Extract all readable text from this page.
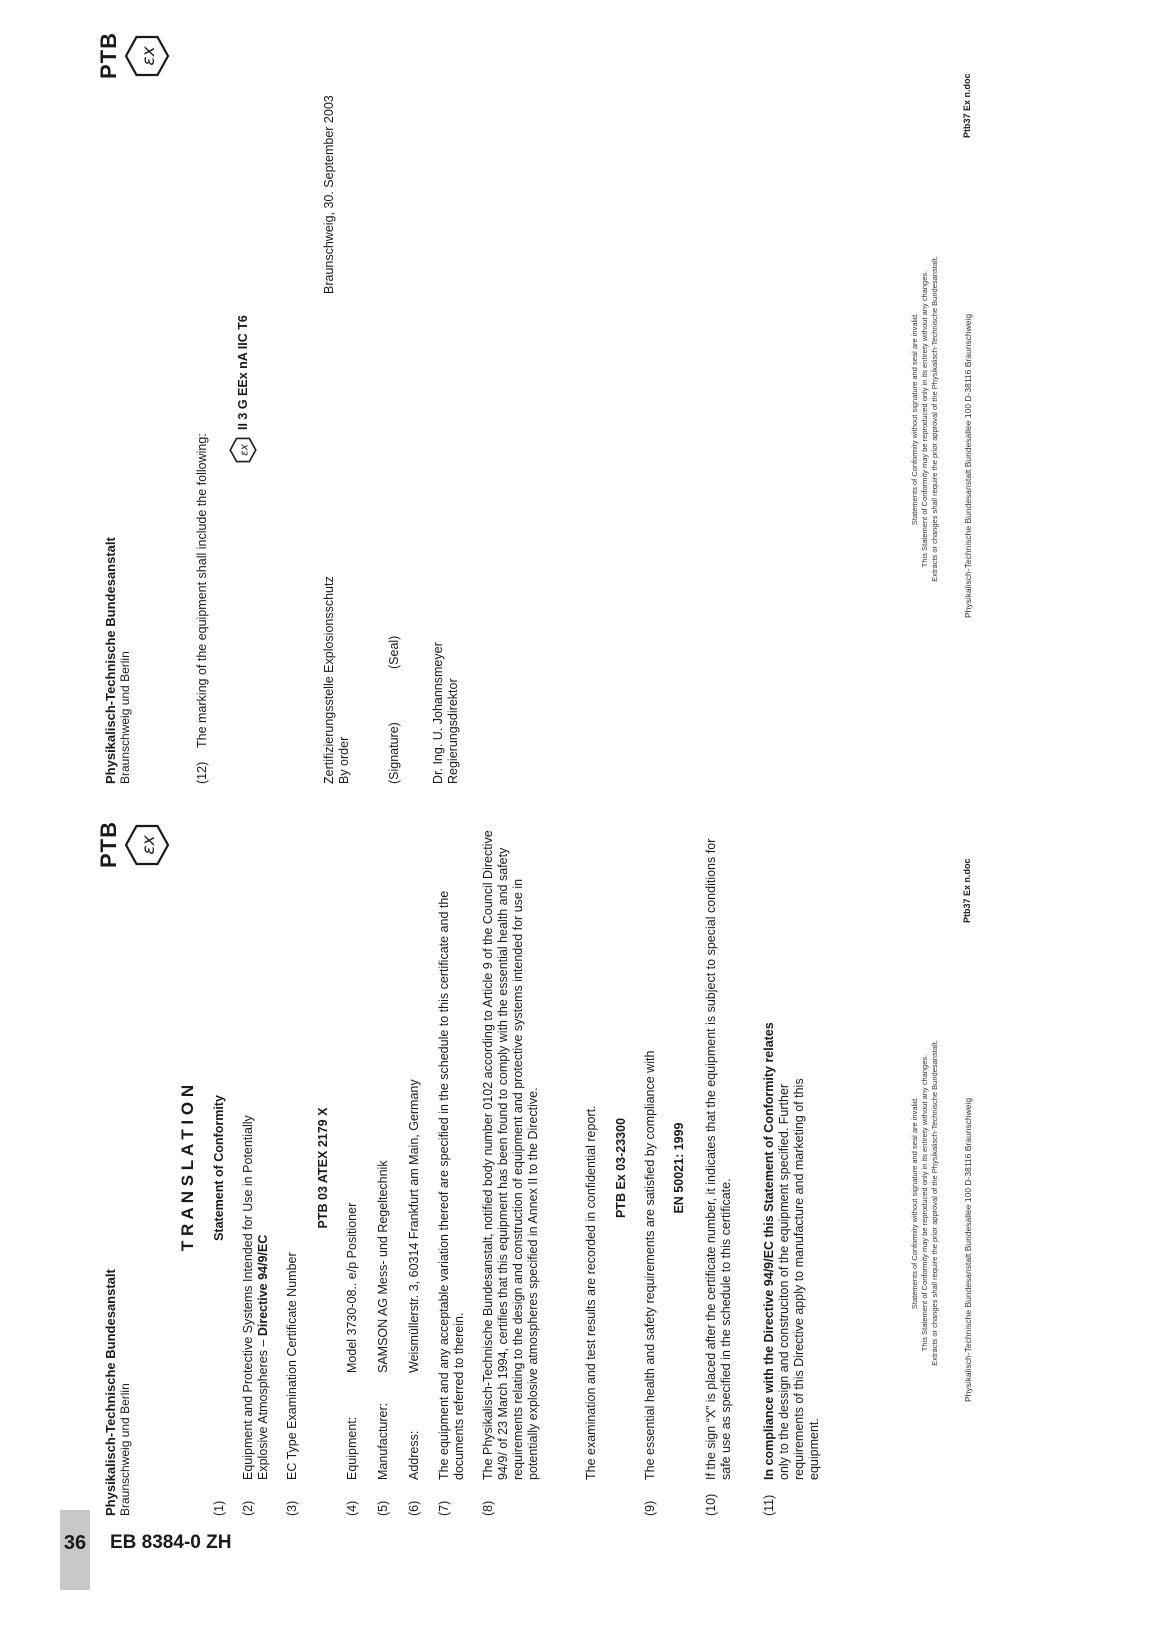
Physikalisch-Technische Bundesanstalt Braunschweig und Berlin
PTB εx
T R A N S L A T I O N
(1)
Statement of Conformity
(2)
Equipment and Protective Systems Intended for Use in Potentially Explosive Atmospheres – Directive 94/9/EC
(3)
EC Type Examination Certificate Number
PTB 03 ATEX 2179 X
(4)
Equipment:
Model 3730-08.. e/p Positioner
(5)
Manufacturer:
SAMSON AG Mess- und Regeltechnik
(6)
Address:
Weismüllerstr. 3, 60314 Frankfurt am Main, Germany
(7)
The equipment and any acceptable variation thereof are specified in the schedule to this certificate and the documents referred to therein.
(8)
The Physikalisch-Technische Bundesanstalt, notified body number 0102 according to Article 9 of the Council Directive 94/9/ of 23 March 1994, certifies that this equipment has been found to comply with the essential health and safety requirements relating to the design and construction of equipment and protective systems intended for use in potentially explosive atmospheres specified in Annex II to the Directive.	The examination and test results are recorded in confidential report. PTB Ex 03-23300
(9)
The essential health and safety requirements are satisfied by compliance with EN 50021: 1999
(10)
If the sign “X” is placed after the certificate number, it indicates that the equipment is subject to special conditions for safe use as specified in the schedule to this certificate.
(11)
In compliance with the Directive 94/9/EC this Statement of Conformity relates only to the dessign and construciton of the equipment specified. Further requirements of this Directive apply to manufacture and marketing of this equipment.
Statements of Conformity without signature and seal are invalid. This Statement of Conformity may be reproduced only in its entirety without any changes. Extracts or changes shall require the prior approval of the Physikalisch-Technische Bundesanstalt.	Physikalisch-Technische Bundesanstalt Bundesallee 100 D-38116 Braunschweig
Ptb37 Ex n.doc
Physikalisch-Technische Bundesanstalt Braunschweig und Berlin
PTB εx
(12)
The marking of the equipment shall include the following: εx
II 3 G EEx nA IIC T6
Zertifizierungsstelle Explosionsschutz By order
Braunschweig, 30. September 2003
(Signature)
(Seal) Dr. Ing. U. Johannsmeyer Regierungsdirektor
Statements of Conformity without signature and seal are invalid. This Statement of Conformity may be reproduced only in its entirety without any changes. Extracts or changes shall require the prior approval of the Physikalisch-Technische Bundesanstalt.	Physikalisch-Technische Bundesanstalt Bundesallee 100 D-38116 Braunschweig
Ptb37 Ex n.doc
36 EB 8384-0 ZH
